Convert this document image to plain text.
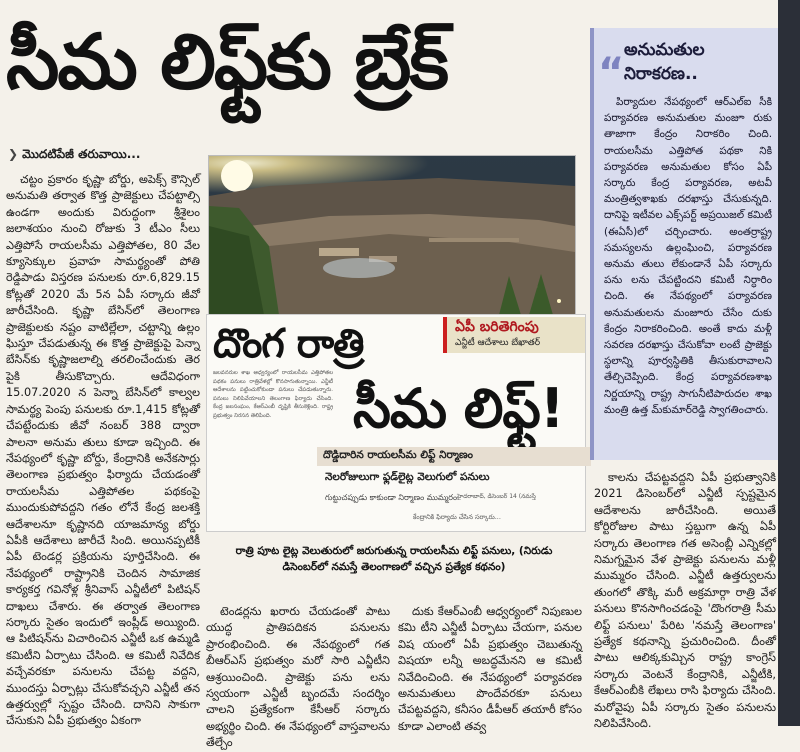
సీమ లిఫ్ట్‌కు బ్రేక్
❯ మొదటిపేజీ తరువాయి...

చట్టం ప్రకారం కృష్ణా బోర్డు, అపెక్స్ కౌన్సిల్ అనుమతి తర్వాత కొత్త ప్రాజెక్టులు చేపట్టాల్సి ఉండగా అందుకు విరుద్ధంగా శ్రీశైలం జలాశయం నుంచి రోజుకు 3 టీఎం సీలు ఎత్తిపోసే రాయలసీమ ఎత్తిపోతల, 80 వేల క్యూసెక్కుల ప్రవాహ సామర్థ్యంతో పోతి రెడ్డిపాడు విస్తరణ పనులకు రూ.6,829.15 కోట్లతో 2020 మే 5న ఏపీ సర్కారు జీవో జారీచేసింది. కృష్ణా బేసిన్‌లో తెలంగాణ ప్రాజెక్టులకు నష్టం వాటిల్లేలా, చట్టాన్ని ఉల్లం ఘిస్తూ చేపడుతున్న ఈ కొత్త ప్రాజెక్టుపై పెన్నా బేసిన్‌కు కృష్ణాజలాల్ని తరలించేందుకు తెర పైకి తీసుకొచ్చారు. ఆదేవిధంగా 15.07.2020 న పెన్నా బేసిన్‌లో కాల్వల సామర్థ్య పెంపు పనులకు రూ.1,415 కోట్లతో చేపట్టేందుకు జీవో నంబర్ 388 ద్వారా పాలనా అనుమ తులు కూడా ఇచ్చింది. ఈ నేపథ్యంలో కృష్ణా బోర్డు, కేంద్రానికి అనేకసార్లు తెలంగాణ ప్రభుత్వం ఫిర్యాదు చేయడంతో రాయలసీమ ఎత్తిపోతల పథకంపై ముందుకుపోవద్దని గతం లోనే కేంద్ర జలశక్తి ఆదేశాలనూ కృష్ణానది యాజమాన్య బోర్డు ఏపీకి ఆదేశాలు జారీచే సింది. అయినప్పటికీ ఏపీ టెండర్ల ప్రక్రియను పూర్తిచేసింది. ఈ నేపథ్యంలో రాష్ట్రానికి చెందిన సామాజిక కార్యకర్త గవినోళ్ల శ్రీనివాస్ ఎన్జీటీలో పిటిషన్ దాఖలు చేశారు. ఈ తర్వాత తెలంగాణ సర్కారు సైతం ఇందులో ఇంప్లీడ్ అయ్యింది. ఆ పిటిషన్‌ను విచారించిన ఎన్జీటీ ఒక ఉమ్మడి కమిటీని ఏర్పాటు చేసింది. ఆ కమిటీ నివేదిక వచ్చేవరకూ పనులను చేపట్ట వద్దని, ముందస్తు ఏర్పాట్లు చేసుకోవచ్చని ఎన్జీటీ తన ఉత్తర్వుల్లో స్పష్టం చేసింది. దానిని సాకుగా చేసుకుని ఏపీ ప్రభుత్వం ఏకంగా

దొంగ రాత్రి	ఏపీ బరితెగింపు
ఎన్జీటీ ఆదేశాలు బేఖాతర్
జలవనరుల శాఖ ఆధ్వర్యంలో రాయలసీమ ఎత్తిపోతల పథకం పనులు రాత్రివేళల్లో కొనసాగుతున్నాయి. ఎన్జీటీ ఆదేశాలను పట్టించుకోకుండా పనులు చేపడుతున్నారు. పనులు నిలిపివేయాలని తెలంగాణ ఫిర్యాదు చేసింది. కేంద్ర జలసంఘం, కేఆర్ఎంబీ దృష్టికి తీసుకెళ్లింది. రాష్ట్ర ప్రభుత్వం నిరసన తెలిపింది.	సీమ లిఫ్ట్!
దొడ్డిదారిన రాయలసీమ లిఫ్ట్ నిర్మాణం
నెలరోజులుగా ఫ్లడ్‌లైట్ల వెలుగులో పనులు
గుట్టుచప్పుడు కాకుండా నిర్మాణం ముమ్మరం హైదరాబాద్, డిసెంబర్ 14 (నమస్తే
కేంద్రానికి ఫిర్యాదు చేసిన సర్కారు...
రాత్రి పూట లైట్ల వెలుతురులో జరుగుతున్న రాయలసీమ లిఫ్ట్ పనులు, (నిరుడు డిసెంబర్‌లో నమస్తే తెలంగాణలో వచ్చిన ప్రత్యేక కథనం)

టెండర్లను ఖరారు చేయడంతో పాటు యుద్ధ ప్రాతిపదికన పనులను ప్రారంభించింది. ఈ నేపథ్యంలో గత బీఆర్ఎస్ ప్రభుత్వం మరో సారి ఎన్జీటీని ఆశ్రయించింది. ప్రాజెక్టు పను లను స్వయంగా ఎన్జీటీ బృందమే సందర్శిం చాలని ప్రత్యేకంగా కేసీఆర్ సర్కారు అభ్యర్థిం చింది. ఈ నేపథ్యంలో వాస్తవాలను తేల్చేం

దుకు కేఆర్ఎంబీ ఆధ్వర్యంలో నిపుణుల కమి టీని ఎన్జీటీ ఏర్పాటు చేయగా, పనుల విష యంలో ఏపీ ప్రభుత్వం చెబుతున్న విషయా లన్నీ అబద్ధమేనని ఆ కమిటీ నివేదించింది. ఈ నేపథ్యంలో పర్యావరణ అనుమతులు పొందేవరకూ పనులు చేపట్టవద్దని, కనీసం డీపీఆర్ తయారీ కోసం కూడా ఎలాంటి తవ్వ

“ అనుమతుల నిరాకరణ..

పిర్యాదుల నేపథ్యంలో ఆర్ఎల్ఐ సీకి పర్యావరణ అనుమతుల మంజూ రుకు తాజాగా కేంద్రం నిరాకరిం చింది. రాయలసీమ ఎత్తిపోత పథకా నికి పర్యావరణ అనుమతుల కోసం ఏపీ సర్కారు కేంద్ర పర్యావరణ, అటవీ మంత్రిత్వశాఖకు దరఖాస్తు చేసుకున్నది. దానిపై ఇటీవల ఎక్స్‌పర్ట్ అప్రయిజల్ కమిటీ (ఈఏసీ)లో చర్చించారు. అంతర్రాష్ట్ర సమస్యలను ఉల్లంఘించి, పర్యావరణ అనుమ తులు లేకుండానే ఏపీ సర్కారు పను లను చేపట్టిందని కమిటీ నిర్ధారిం చింది. ఈ నేపథ్యంలో పర్యావరణ అనుమతులను మంజూరు చేసేం దుకు కేంద్రం నిరాకరించింది. అంతే కాదు మళ్లీ సవరణ దరఖాస్తు చేసుకోవా లంటే ప్రాజెక్టు స్థలాన్ని పూర్వస్థితికి తీసుకురావాలని తేల్చిచెప్పింది. కేంద్ర పర్యావరణశాఖ నిర్ణయాన్ని రాష్ట్ర సాగునీటిపారుదల శాఖ మంత్రి ఉత్త మ్‌కుమార్‌రెడ్డి స్వాగతించారు.

కాలను చేపట్టవద్దని ఏపీ ప్రభుత్వానికి 2021 డిసెంబర్‌లో ఎన్జీటీ స్పష్టమైన ఆదేశాలను జారీచేసింది. అయితే కోర్టిరోజుల పాటు స్తబ్దుగా ఉన్న ఏపీ సర్కారు తెలంగాణ గత అసెంబ్లీ ఎన్నికల్లో నిమగ్నమైన వేళ ప్రాజెక్టు పనులను మళ్లీ ముమ్మరం చేసింది. ఎన్జీటీ ఉత్తర్వులను తుంగలో తొక్కి మరీ అక్రమార్గా రాత్రి వేళ పనులు కొనసాగించడంపై 'దొంగరాత్రి సీమ లిఫ్ట్ పనులు' పేరిట 'నమస్తే తెలంగాణ' ప్రత్యేక కథనాన్ని ప్రచురించింది. దీంతో పాటు ఆలిక్కకుమ్చిన రాష్ట్ర కాంగ్రెస్ సర్కారు వెంటనే కేంద్రానికి, ఎన్జీటీకి, కేఆర్ఎంబీకి లేఖలు రాసి ఫిర్యాదు చేసింది. మరోవైపు ఏపీ సర్కారు సైతం పనులను నిలిపివేసింది.
